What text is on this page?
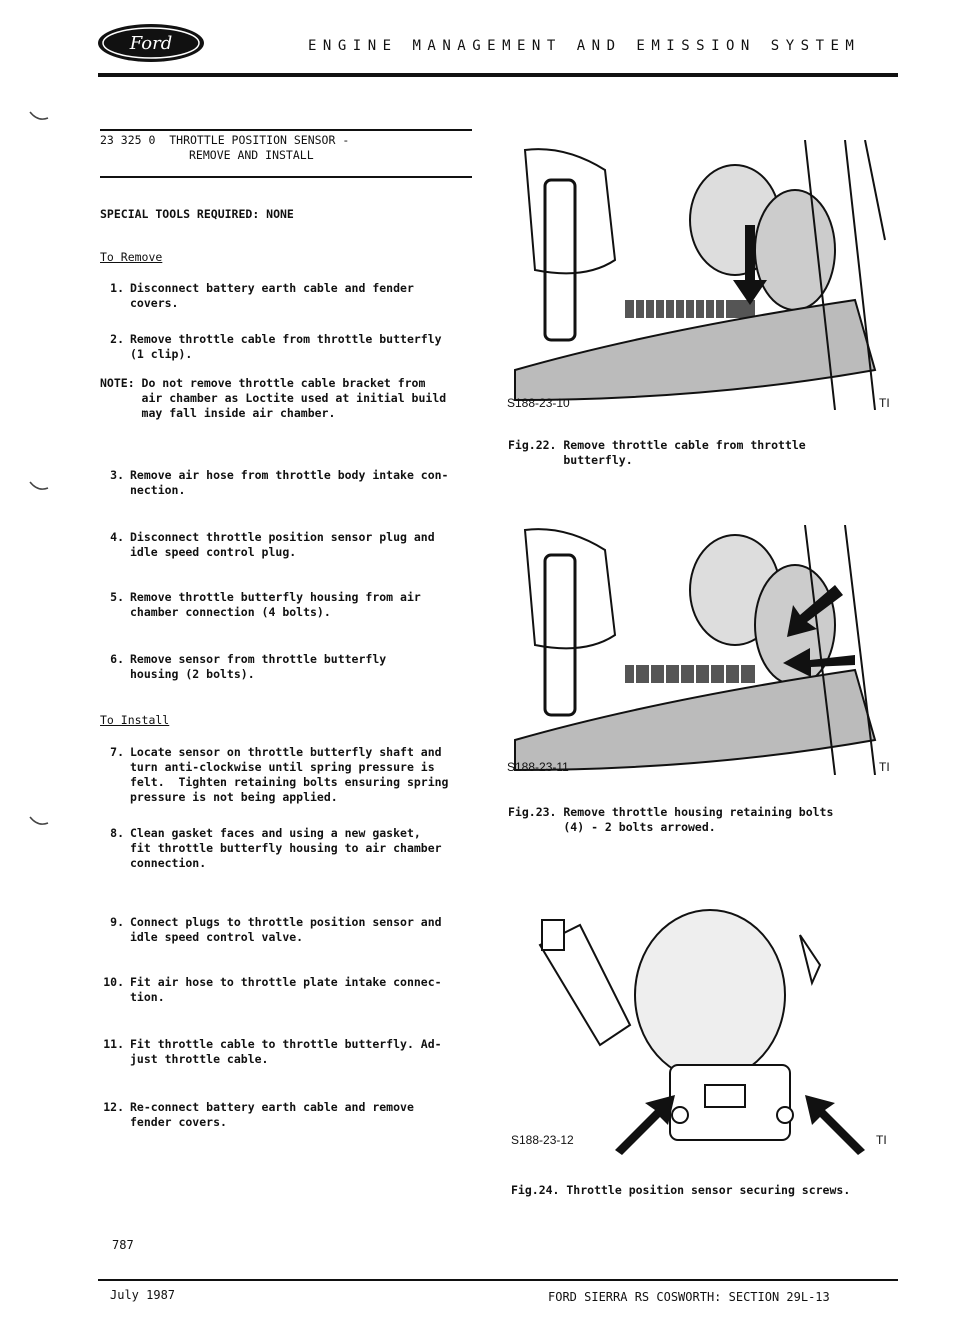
Ford	ENGINE MANAGEMENT AND EMISSION SYSTEM
23 325 0  THROTTLE POSITION SENSOR -
REMOVE AND INSTALL
SPECIAL TOOLS REQUIRED: NONE
To Remove
1. Disconnect battery earth cable and fender
covers.
2. Remove throttle cable from throttle butterfly
(1 clip).
NOTE: Do not remove throttle cable bracket from
air chamber as Loctite used at initial build
may fall inside air chamber.
3. Remove air hose from throttle body intake con-
nection.
4. Disconnect throttle position sensor plug and
idle speed control plug.
5. Remove throttle butterfly housing from air
chamber connection (4 bolts).
6. Remove sensor from throttle butterfly
housing (2 bolts).
To Install
7. Locate sensor on throttle butterfly shaft and
turn anti-clockwise until spring pressure is
felt.  Tighten retaining bolts ensuring spring
pressure is not being applied.
8. Clean gasket faces and using a new gasket,
fit throttle butterfly housing to air chamber
connection.
9. Connect plugs to throttle position sensor and
idle speed control valve.
10. Fit air hose to throttle plate intake connec-
tion.
11. Fit throttle cable to throttle butterfly. Ad-
just throttle cable.
12. Re-connect battery earth cable and remove
fender covers.
S188-23-10	TI
Fig.22. Remove throttle cable from throttle
butterfly.
S188-23-11	TI
Fig.23. Remove throttle housing retaining bolts
(4) - 2 bolts arrowed.
S188-23-12	TI
Fig.24. Throttle position sensor securing screws.
787
July 1987	FORD SIERRA RS COSWORTH: SECTION 29L-13
